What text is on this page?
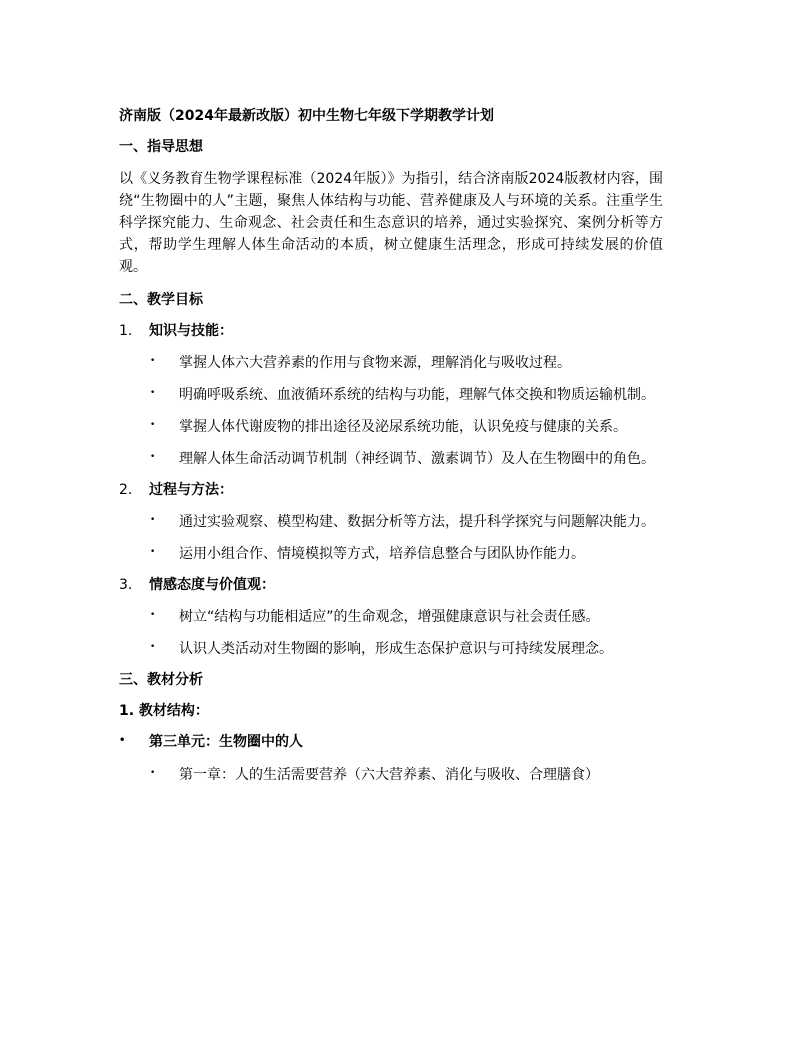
济南版（2024年最新改版）初中生物七年级下学期教学计划
一、指导思想
以《义务教育生物学课程标准（2024年版）》为指引，结合济南版2024版教材内容，围绕“生物圈中的人”主题，聚焦人体结构与功能、营养健康及人与环境的关系。注重学生科学探究能力、生命观念、社会责任和生态意识的培养，通过实验探究、案例分析等方式，帮助学生理解人体生命活动的本质，树立健康生活理念，形成可持续发展的价值观。
二、教学目标
1.	知识与技能：
•	掌握人体六大营养素的作用与食物来源，理解消化与吸收过程。
•	明确呼吸系统、血液循环系统的结构与功能，理解气体交换和物质运输机制。
•	掌握人体代谢废物的排出途径及泌尿系统功能，认识免疫与健康的关系。
•	理解人体生命活动调节机制（神经调节、激素调节）及人在生物圈中的角色。
2.	过程与方法：
•	通过实验观察、模型构建、数据分析等方法，提升科学探究与问题解决能力。
•	运用小组合作、情境模拟等方式，培养信息整合与团队协作能力。
3.	情感态度与价值观：
•	树立“结构与功能相适应”的生命观念，增强健康意识与社会责任感。
•	认识人类活动对生物圈的影响，形成生态保护意识与可持续发展理念。
三、教材分析
1. 教材结构：
•	第三单元：生物圈中的人
•	第一章：人的生活需要营养（六大营养素、消化与吸收、合理膳食）
